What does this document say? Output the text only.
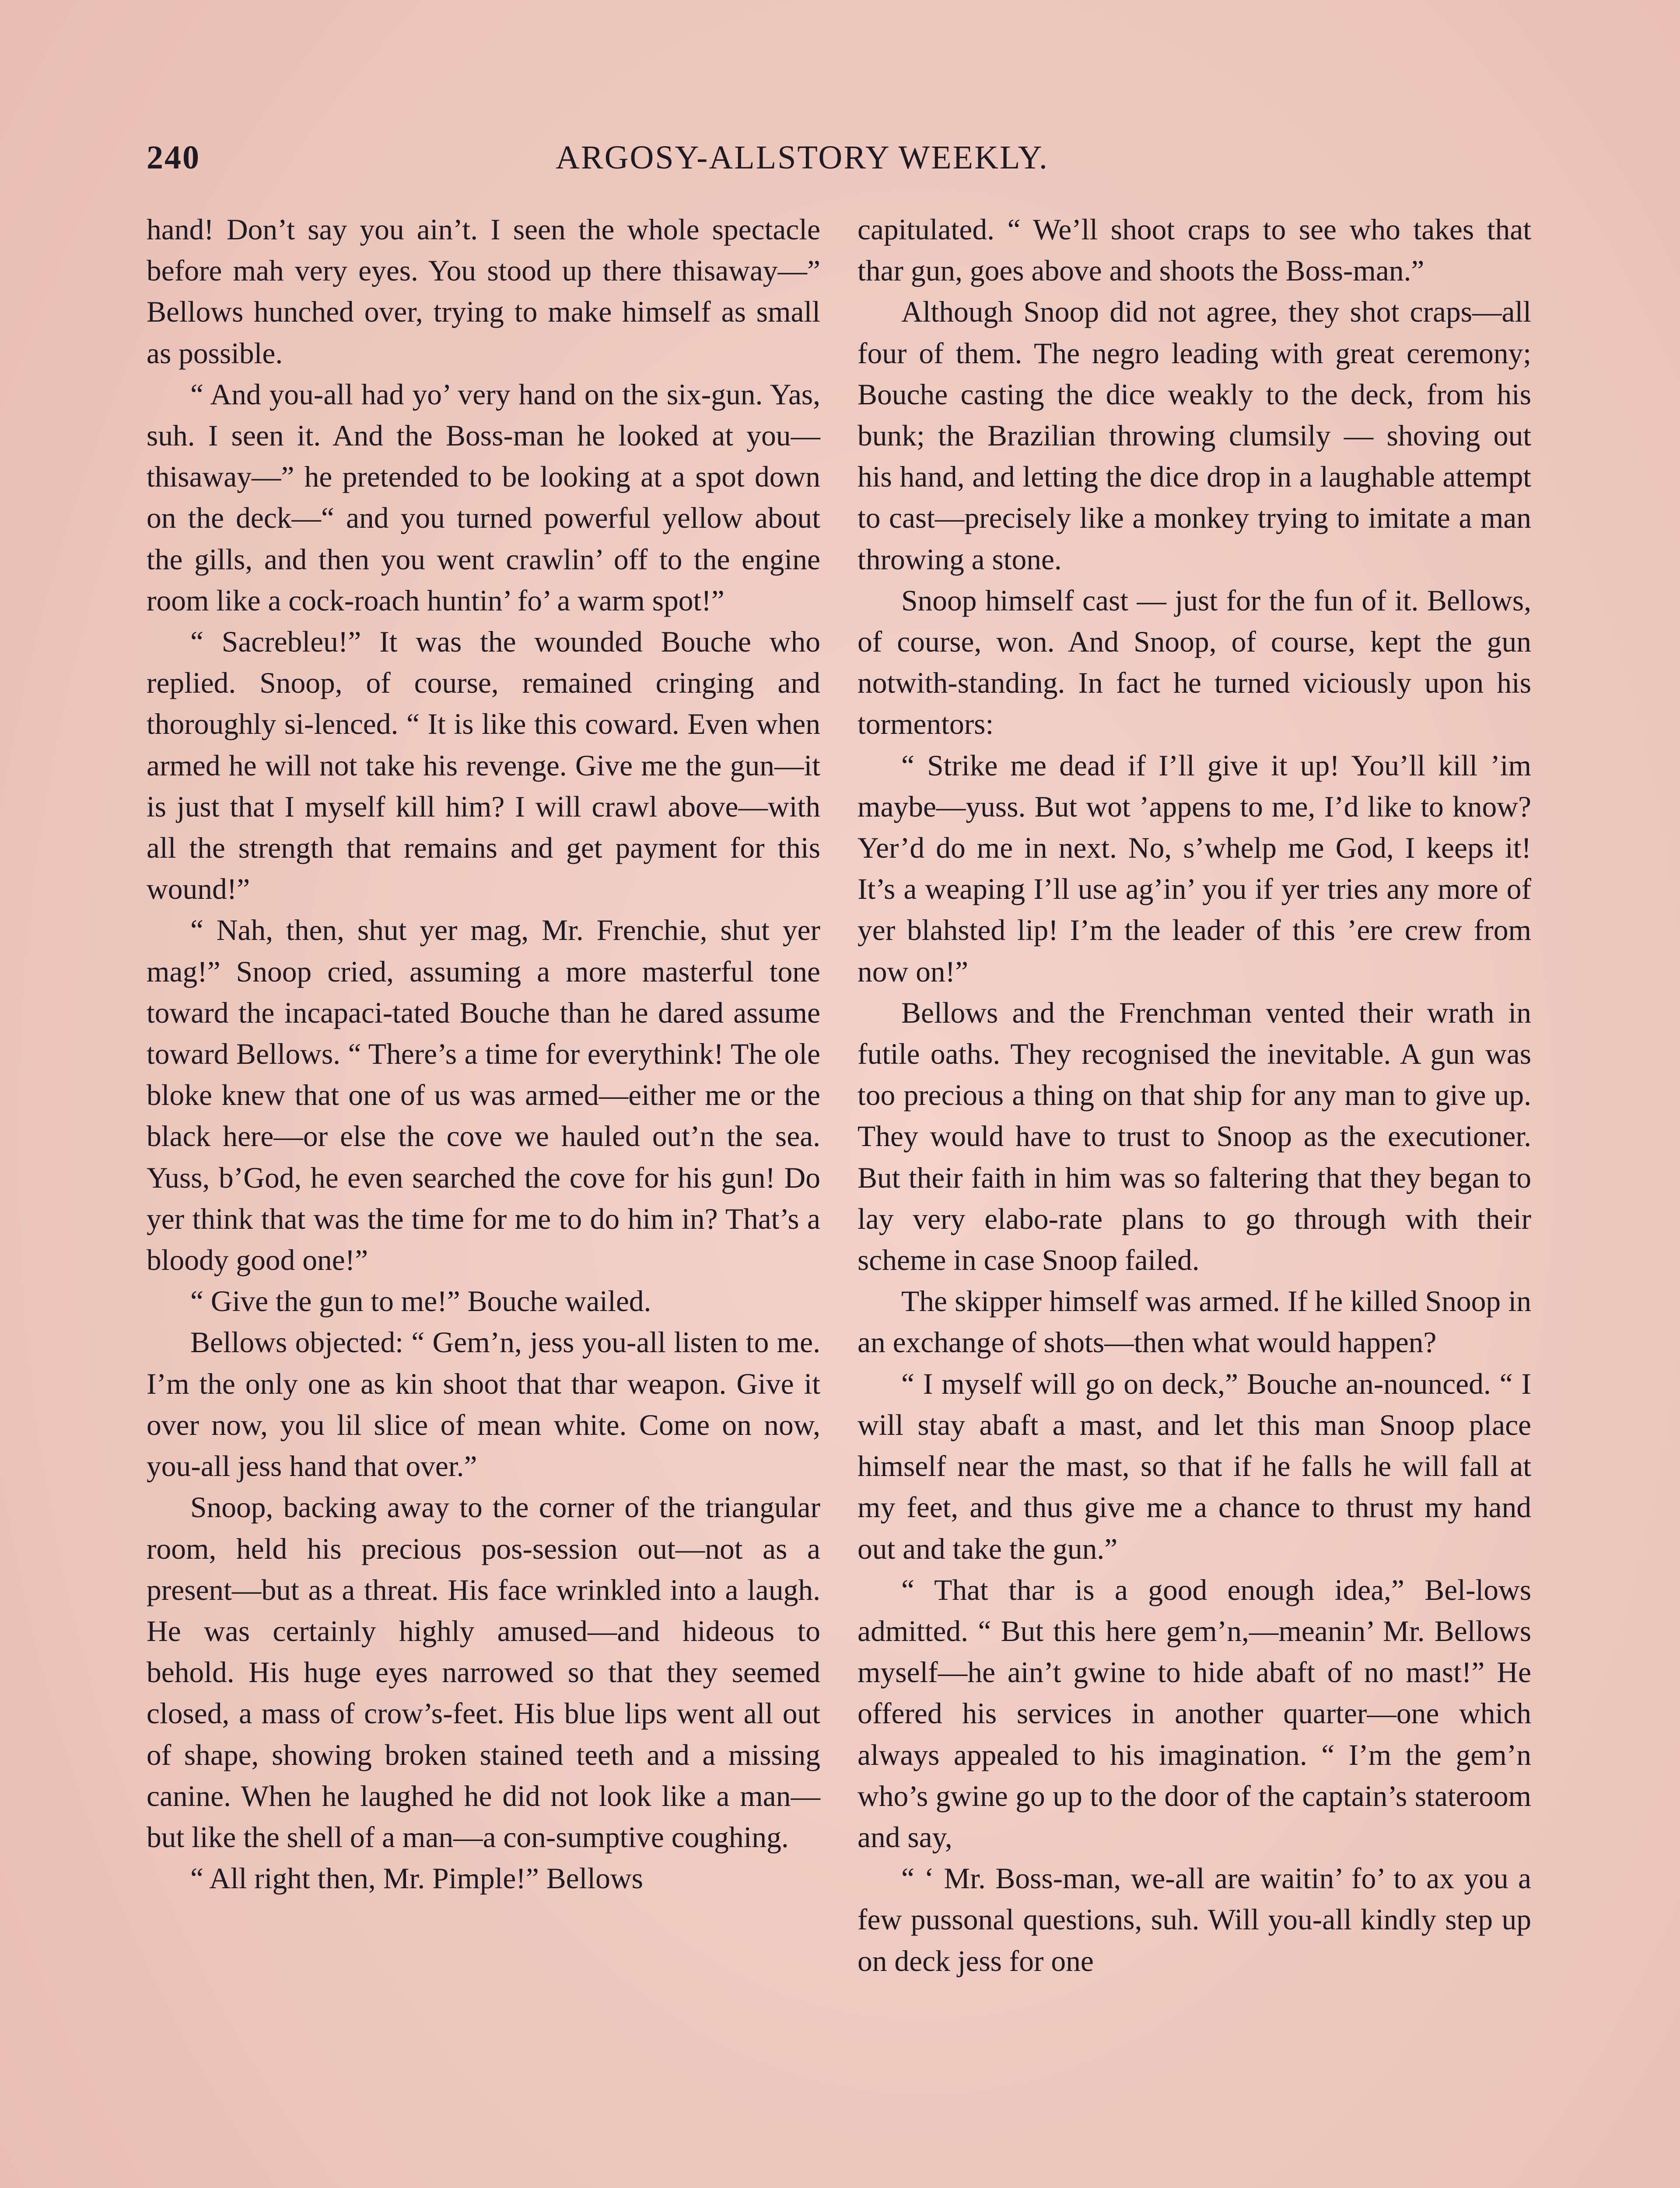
240	ARGOSY-ALLSTORY WEEKLY.

hand! Don’t say you ain’t. I seen the whole spectacle before mah very eyes. You stood up there thisaway—” Bellows hunched over, trying to make himself as small as possible.

“ And you-all had yo’ very hand on the six-gun. Yas, suh. I seen it. And the Boss-man he looked at you—thisaway—” he pretended to be looking at a spot down on the deck—“ and you turned powerful yellow about the gills, and then you went crawlin’ off to the engine room like a cock-roach huntin’ fo’ a warm spot!”

“ Sacrebleu!” It was the wounded Bouche who replied. Snoop, of course, remained cringing and thoroughly si-lenced. “ It is like this coward. Even when armed he will not take his revenge. Give me the gun—it is just that I myself kill him? I will crawl above—with all the strength that remains and get payment for this wound!”

“ Nah, then, shut yer mag, Mr. Frenchie, shut yer mag!” Snoop cried, assuming a more masterful tone toward the incapaci-tated Bouche than he dared assume toward Bellows. “ There’s a time for everythink! The ole bloke knew that one of us was armed—either me or the black here—or else the cove we hauled out’n the sea. Yuss, b’God, he even searched the cove for his gun! Do yer think that was the time for me to do him in? That’s a bloody good one!”

“ Give the gun to me!” Bouche wailed.

Bellows objected: “ Gem’n, jess you-all listen to me. I’m the only one as kin shoot that thar weapon. Give it over now, you lil slice of mean white. Come on now, you-all jess hand that over.”

Snoop, backing away to the corner of the triangular room, held his precious pos-session out—not as a present—but as a threat. His face wrinkled into a laugh. He was certainly highly amused—and hideous to behold. His huge eyes narrowed so that they seemed closed, a mass of crow’s-feet. His blue lips went all out of shape, showing broken stained teeth and a missing canine. When he laughed he did not look like a man—but like the shell of a man—a con-sumptive coughing.

“ All right then, Mr. Pimple!” Bellows

capitulated. “ We’ll shoot craps to see who takes that thar gun, goes above and shoots the Boss-man.”

Although Snoop did not agree, they shot craps—all four of them. The negro leading with great ceremony; Bouche casting the dice weakly to the deck, from his bunk; the Brazilian throwing clumsily — shoving out his hand, and letting the dice drop in a laughable attempt to cast—precisely like a monkey trying to imitate a man throwing a stone.

Snoop himself cast — just for the fun of it. Bellows, of course, won. And Snoop, of course, kept the gun notwith-standing. In fact he turned viciously upon his tormentors:

“ Strike me dead if I’ll give it up! You’ll kill ’im maybe—yuss. But wot ’appens to me, I’d like to know? Yer’d do me in next. No, s’whelp me God, I keeps it! It’s a weaping I’ll use ag’in’ you if yer tries any more of yer blahsted lip! I’m the leader of this ’ere crew from now on!”

Bellows and the Frenchman vented their wrath in futile oaths. They recognised the inevitable. A gun was too precious a thing on that ship for any man to give up. They would have to trust to Snoop as the executioner. But their faith in him was so faltering that they began to lay very elabo-rate plans to go through with their scheme in case Snoop failed.

The skipper himself was armed. If he killed Snoop in an exchange of shots—then what would happen?

“ I myself will go on deck,” Bouche an-nounced. “ I will stay abaft a mast, and let this man Snoop place himself near the mast, so that if he falls he will fall at my feet, and thus give me a chance to thrust my hand out and take the gun.”

“ That thar is a good enough idea,” Bel-lows admitted. “ But this here gem’n,—meanin’ Mr. Bellows myself—he ain’t gwine to hide abaft of no mast!” He offered his services in another quarter—one which always appealed to his imagination. “ I’m the gem’n who’s gwine go up to the door of the captain’s stateroom and say,

“ ‘ Mr. Boss-man, we-all are waitin’ fo’ to ax you a few pussonal questions, suh. Will you-all kindly step up on deck jess for one
